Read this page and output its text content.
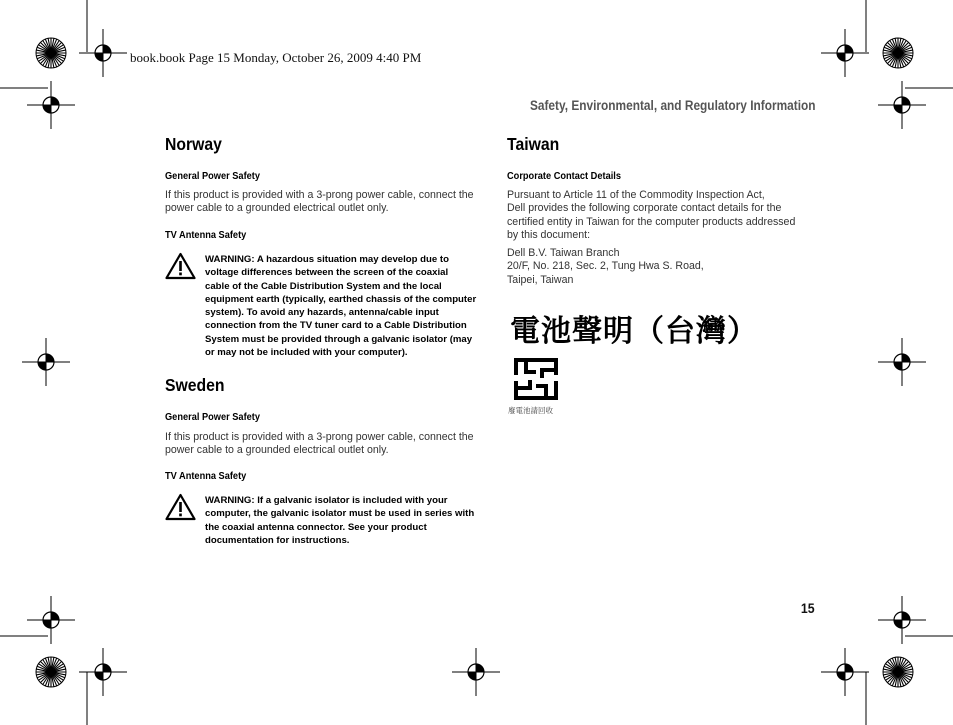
book.book Page 15 Monday, October 26, 2009 4:40 PM
Safety, Environmental, and Regulatory Information
Norway
General Power Safety
If this product is provided with a 3-prong power cable, connect the power cable to a grounded electrical outlet only.
TV Antenna Safety
WARNING: A hazardous situation may develop due to
voltage differences between the screen of the coaxial
cable of the Cable Distribution System and the local
equipment earth (typically, earthed chassis of the computer
system). To avoid any hazards, antenna/cable input
connection from the TV tuner card to a Cable Distribution
System must be provided through a galvanic isolator (may
or may not be included with your computer).
Sweden
General Power Safety
If this product is provided with a 3-prong power cable, connect the power cable to a grounded electrical outlet only.
TV Antenna Safety
WARNING: If a galvanic isolator is included with your
computer, the galvanic isolator must be used in series with
the coaxial antenna connector. See your product
documentation for instructions.
Taiwan
Corporate Contact Details
Pursuant to Article 11 of the Commodity Inspection Act,
Dell provides the following corporate contact details for the
certified entity in Taiwan for the computer products addressed
by this document:
Dell B.V. Taiwan Branch
20/F, No. 218, Sec. 2, Tung Hwa S. Road,
Taipei, Taiwan
電池聲明（台灣）
廢電池請回收
15
